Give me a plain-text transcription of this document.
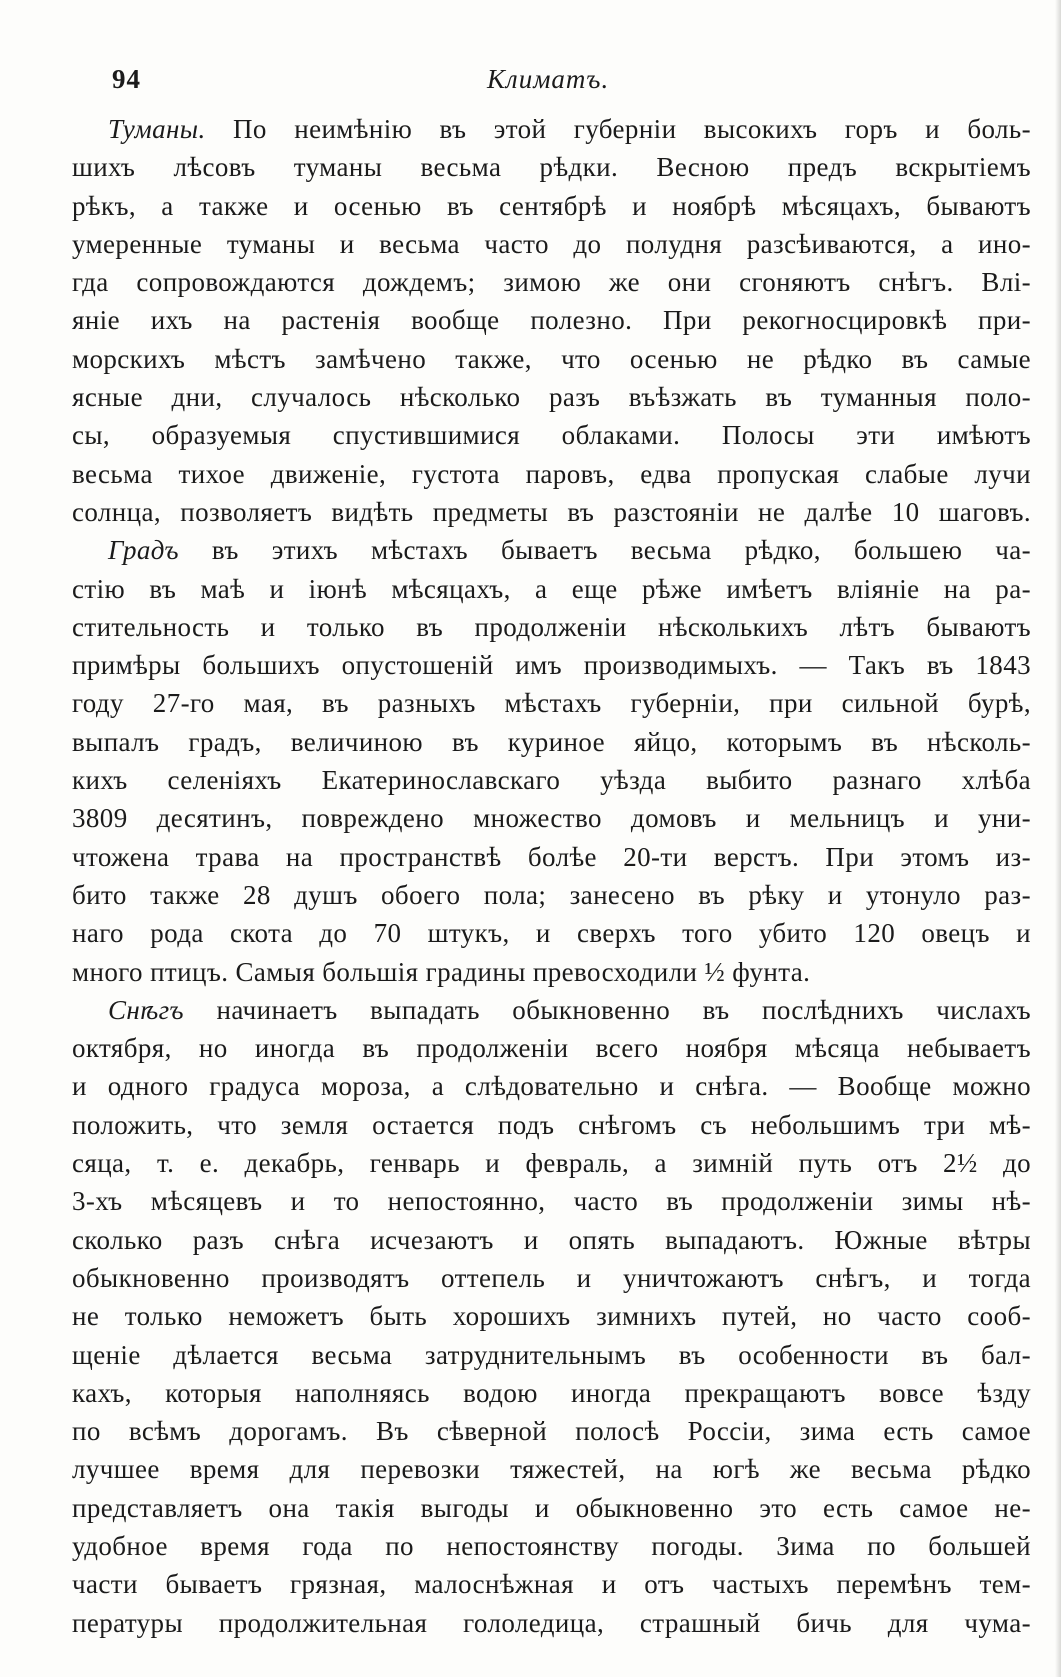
94	Климатъ.
Туманы. По неимѣнію въ этой губерніи высокихъ горъ и боль-
шихъ лѣсовъ туманы весьма рѣдки. Весною предъ вскрытіемъ
рѣкъ, а также и осенью въ сентябрѣ и ноябрѣ мѣсяцахъ, бываютъ
умеренные туманы и весьма часто до полудня разсѣиваются, а ино-
гда сопровождаются дождемъ; зимою же они сгоняютъ снѣгъ. Влі-
яніе ихъ на растенія вообще полезно. При рекогносцировкѣ при-
морскихъ мѣстъ замѣчено также, что осенью не рѣдко въ самые
ясные дни, случалось нѣсколько разъ въѣзжать въ туманныя поло-
сы, образуемыя спустившимися облаками. Полосы эти имѣютъ
весьма тихое движеніе, густота паровъ, едва пропуская слабые лучи
солнца, позволяетъ видѣть предметы въ разстояніи не далѣе 10 шаговъ.
Градъ въ этихъ мѣстахъ бываетъ весьма рѣдко, большею ча-
стію въ маѣ и іюнѣ мѣсяцахъ, а еще рѣже имѣетъ вліяніе на ра-
стительность и только въ продолженіи нѣсколькихъ лѣтъ бываютъ
примѣры большихъ опустошеній имъ производимыхъ. — Такъ въ 1843
году 27-го мая, въ разныхъ мѣстахъ губерніи, при сильной бурѣ,
выпалъ градъ, величиною въ куриное яйцо, которымъ въ нѣсколь-
кихъ селеніяхъ Екатеринославскаго уѣзда выбито разнаго хлѣба
3809 десятинъ, повреждено множество домовъ и мельницъ и уни-
чтожена трава на пространствѣ болѣе 20-ти верстъ. При этомъ из-
бито также 28 душъ обоего пола; занесено въ рѣку и утонуло раз-
наго рода скота до 70 штукъ, и сверхъ того убито 120 овецъ и
много птицъ. Самыя большія градины превосходили ½ фунта.
Снѣгъ начинаетъ выпадать обыкновенно въ послѣднихъ числахъ
октября, но иногда въ продолженіи всего ноября мѣсяца небываетъ
и одного градуса мороза, а слѣдовательно и снѣга. — Вообще можно
положить, что земля остается подъ снѣгомъ съ небольшимъ три мѣ-
сяца, т. е. декабрь, генварь и февраль, а зимній путь отъ 2½ до
3-хъ мѣсяцевъ и то непостоянно, часто въ продолженіи зимы нѣ-
сколько разъ снѣга исчезаютъ и опять выпадаютъ. Южные вѣтры
обыкновенно производятъ оттепель и уничтожаютъ снѣгъ, и тогда
не только неможетъ быть хорошихъ зимнихъ путей, но часто сооб-
щеніе дѣлается весьма затруднительнымъ въ особенности въ бал-
кахъ, которыя наполняясь водою иногда прекращаютъ вовсе ѣзду
по всѣмъ дорогамъ. Въ сѣверной полосѣ Россіи, зима есть самое
лучшее время для перевозки тяжестей, на югѣ же весьма рѣдко
представляетъ она такія выгоды и обыкновенно это есть самое не-
удобное время года по непостоянству погоды. Зима по большей
части бываетъ грязная, малоснѣжная и отъ частыхъ перемѣнъ тем-
пературы продолжительная гололедица, страшный бичь для чума-
